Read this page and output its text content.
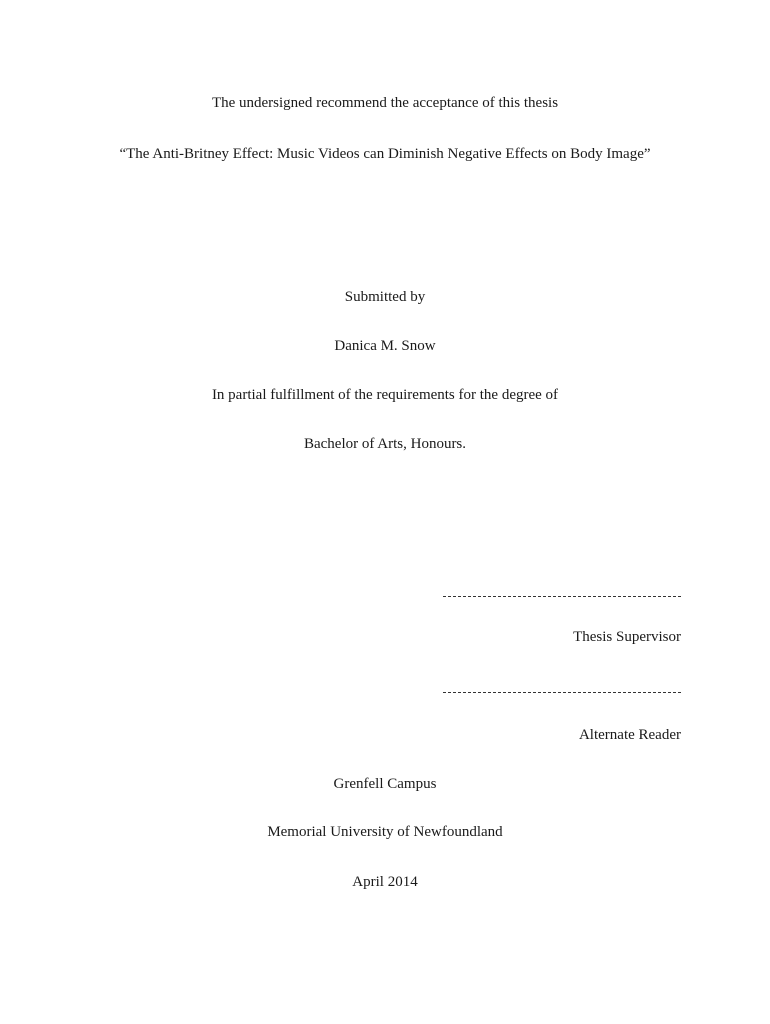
The undersigned recommend the acceptance of this thesis
“The Anti-Britney Effect: Music Videos can Diminish Negative Effects on Body Image”
Submitted by
Danica M. Snow
In partial fulfillment of the requirements for the degree of
Bachelor of Arts, Honours.
Thesis Supervisor
Alternate Reader
Grenfell Campus
Memorial University of Newfoundland
April 2014
